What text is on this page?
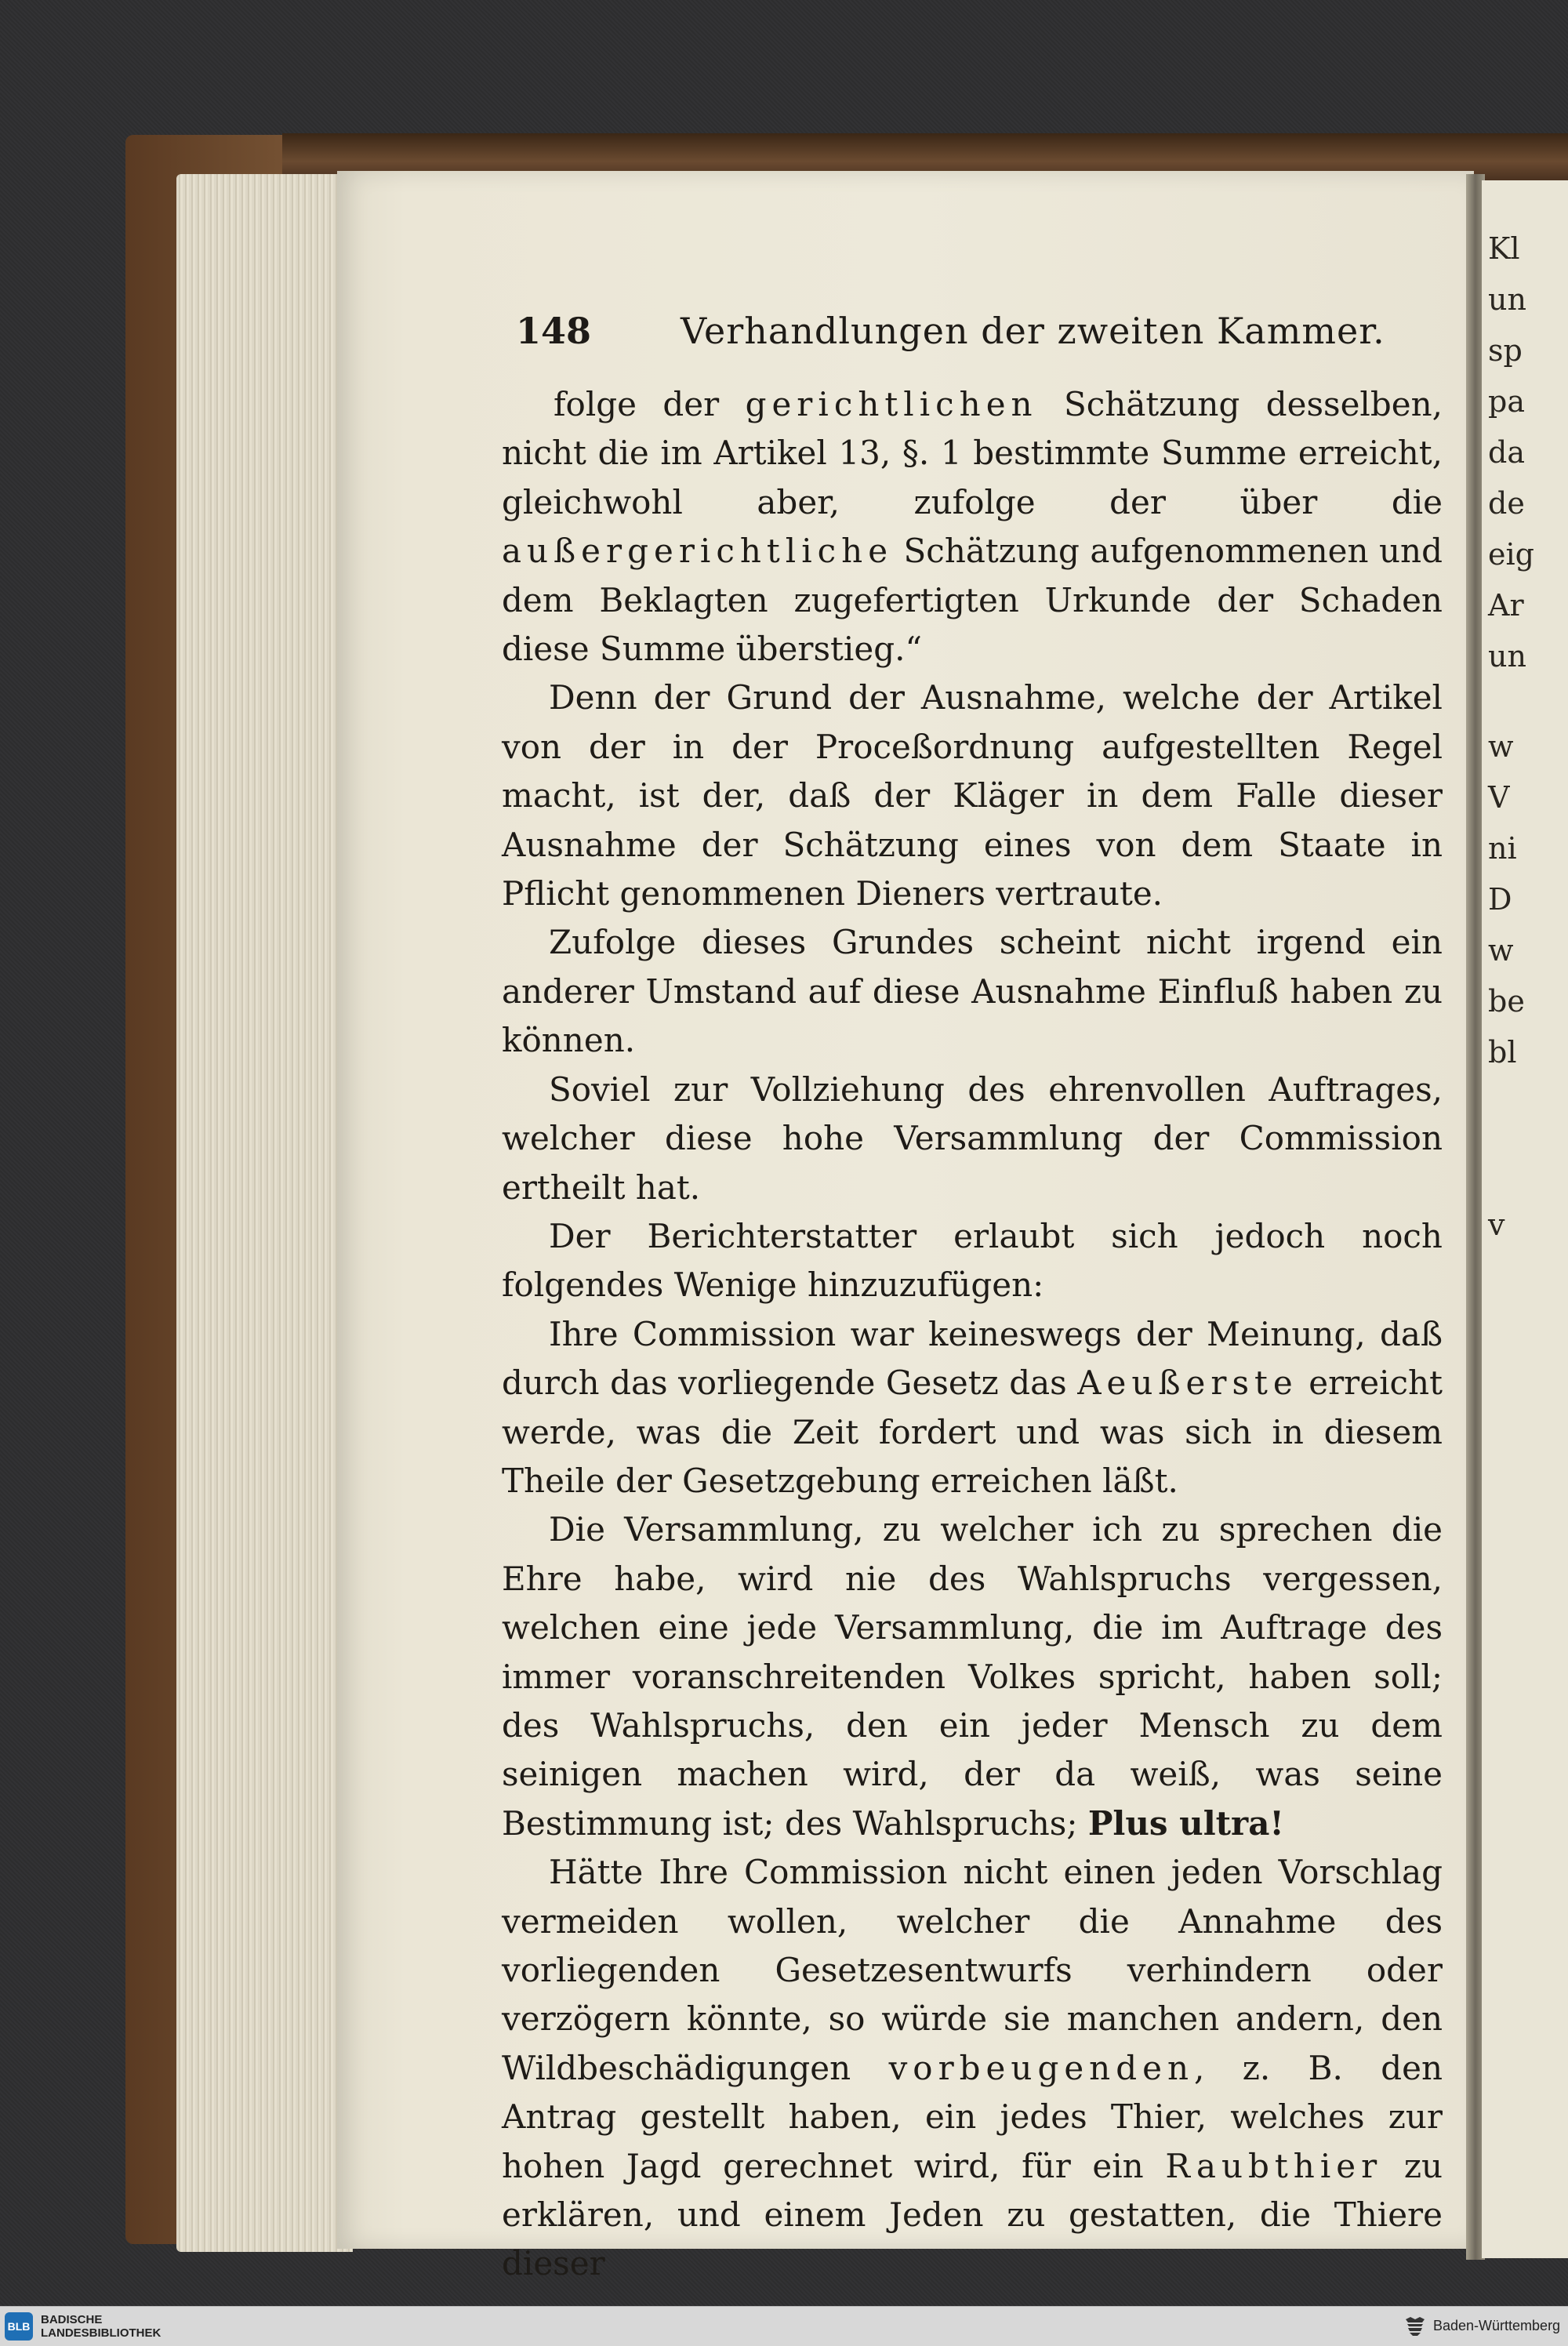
Kl
un
sp
pa
da
de
eig
Ar
un
w
V
ni
D
w
be
bl
v
148 Verhandlungen der zweiten Kammer.

folge der gerichtlichen Schätzung desselben, nicht die im Artikel 13, §. 1 bestimmte Summe erreicht, gleichwohl aber, zufolge der über die außergerichtliche Schätzung aufgenommenen und dem Beklagten zugefertigten Urkunde der Schaden diese Summe überstieg.“

Denn der Grund der Ausnahme, welche der Artikel von der in der Proceßordnung aufgestellten Regel macht, ist der, daß der Kläger in dem Falle dieser Ausnahme der Schätzung eines von dem Staate in Pflicht genommenen Dieners vertraute.

Zufolge dieses Grundes scheint nicht irgend ein anderer Umstand auf diese Ausnahme Einfluß haben zu können.

Soviel zur Vollziehung des ehrenvollen Auftrages, welcher diese hohe Versammlung der Commission ertheilt hat.

Der Berichterstatter erlaubt sich jedoch noch folgendes Wenige hinzuzufügen:

Ihre Commission war keineswegs der Meinung, daß durch das vorliegende Gesetz das Aeußerste erreicht werde, was die Zeit fordert und was sich in diesem Theile der Gesetzgebung erreichen läßt.

Die Versammlung, zu welcher ich zu sprechen die Ehre habe, wird nie des Wahlspruchs vergessen, welchen eine jede Versammlung, die im Auftrage des immer voranschreitenden Volkes spricht, haben soll; des Wahlspruchs, den ein jeder Mensch zu dem seinigen machen wird, der da weiß, was seine Bestimmung ist; des Wahlspruchs; Plus ultra!

Hätte Ihre Commission nicht einen jeden Vorschlag vermeiden wollen, welcher die Annahme des vorliegenden Gesetzesentwurfs verhindern oder verzögern könnte, so würde sie manchen andern, den Wildbeschädigungen vorbeugenden, z. B. den Antrag gestellt haben, ein jedes Thier, welches zur hohen Jagd gerechnet wird, für ein Raubthier zu erklären, und einem Jeden zu gestatten, die Thiere dieser

BLB BADISCHE
LANDESBIBLIOTHEK	Baden-Württemberg
